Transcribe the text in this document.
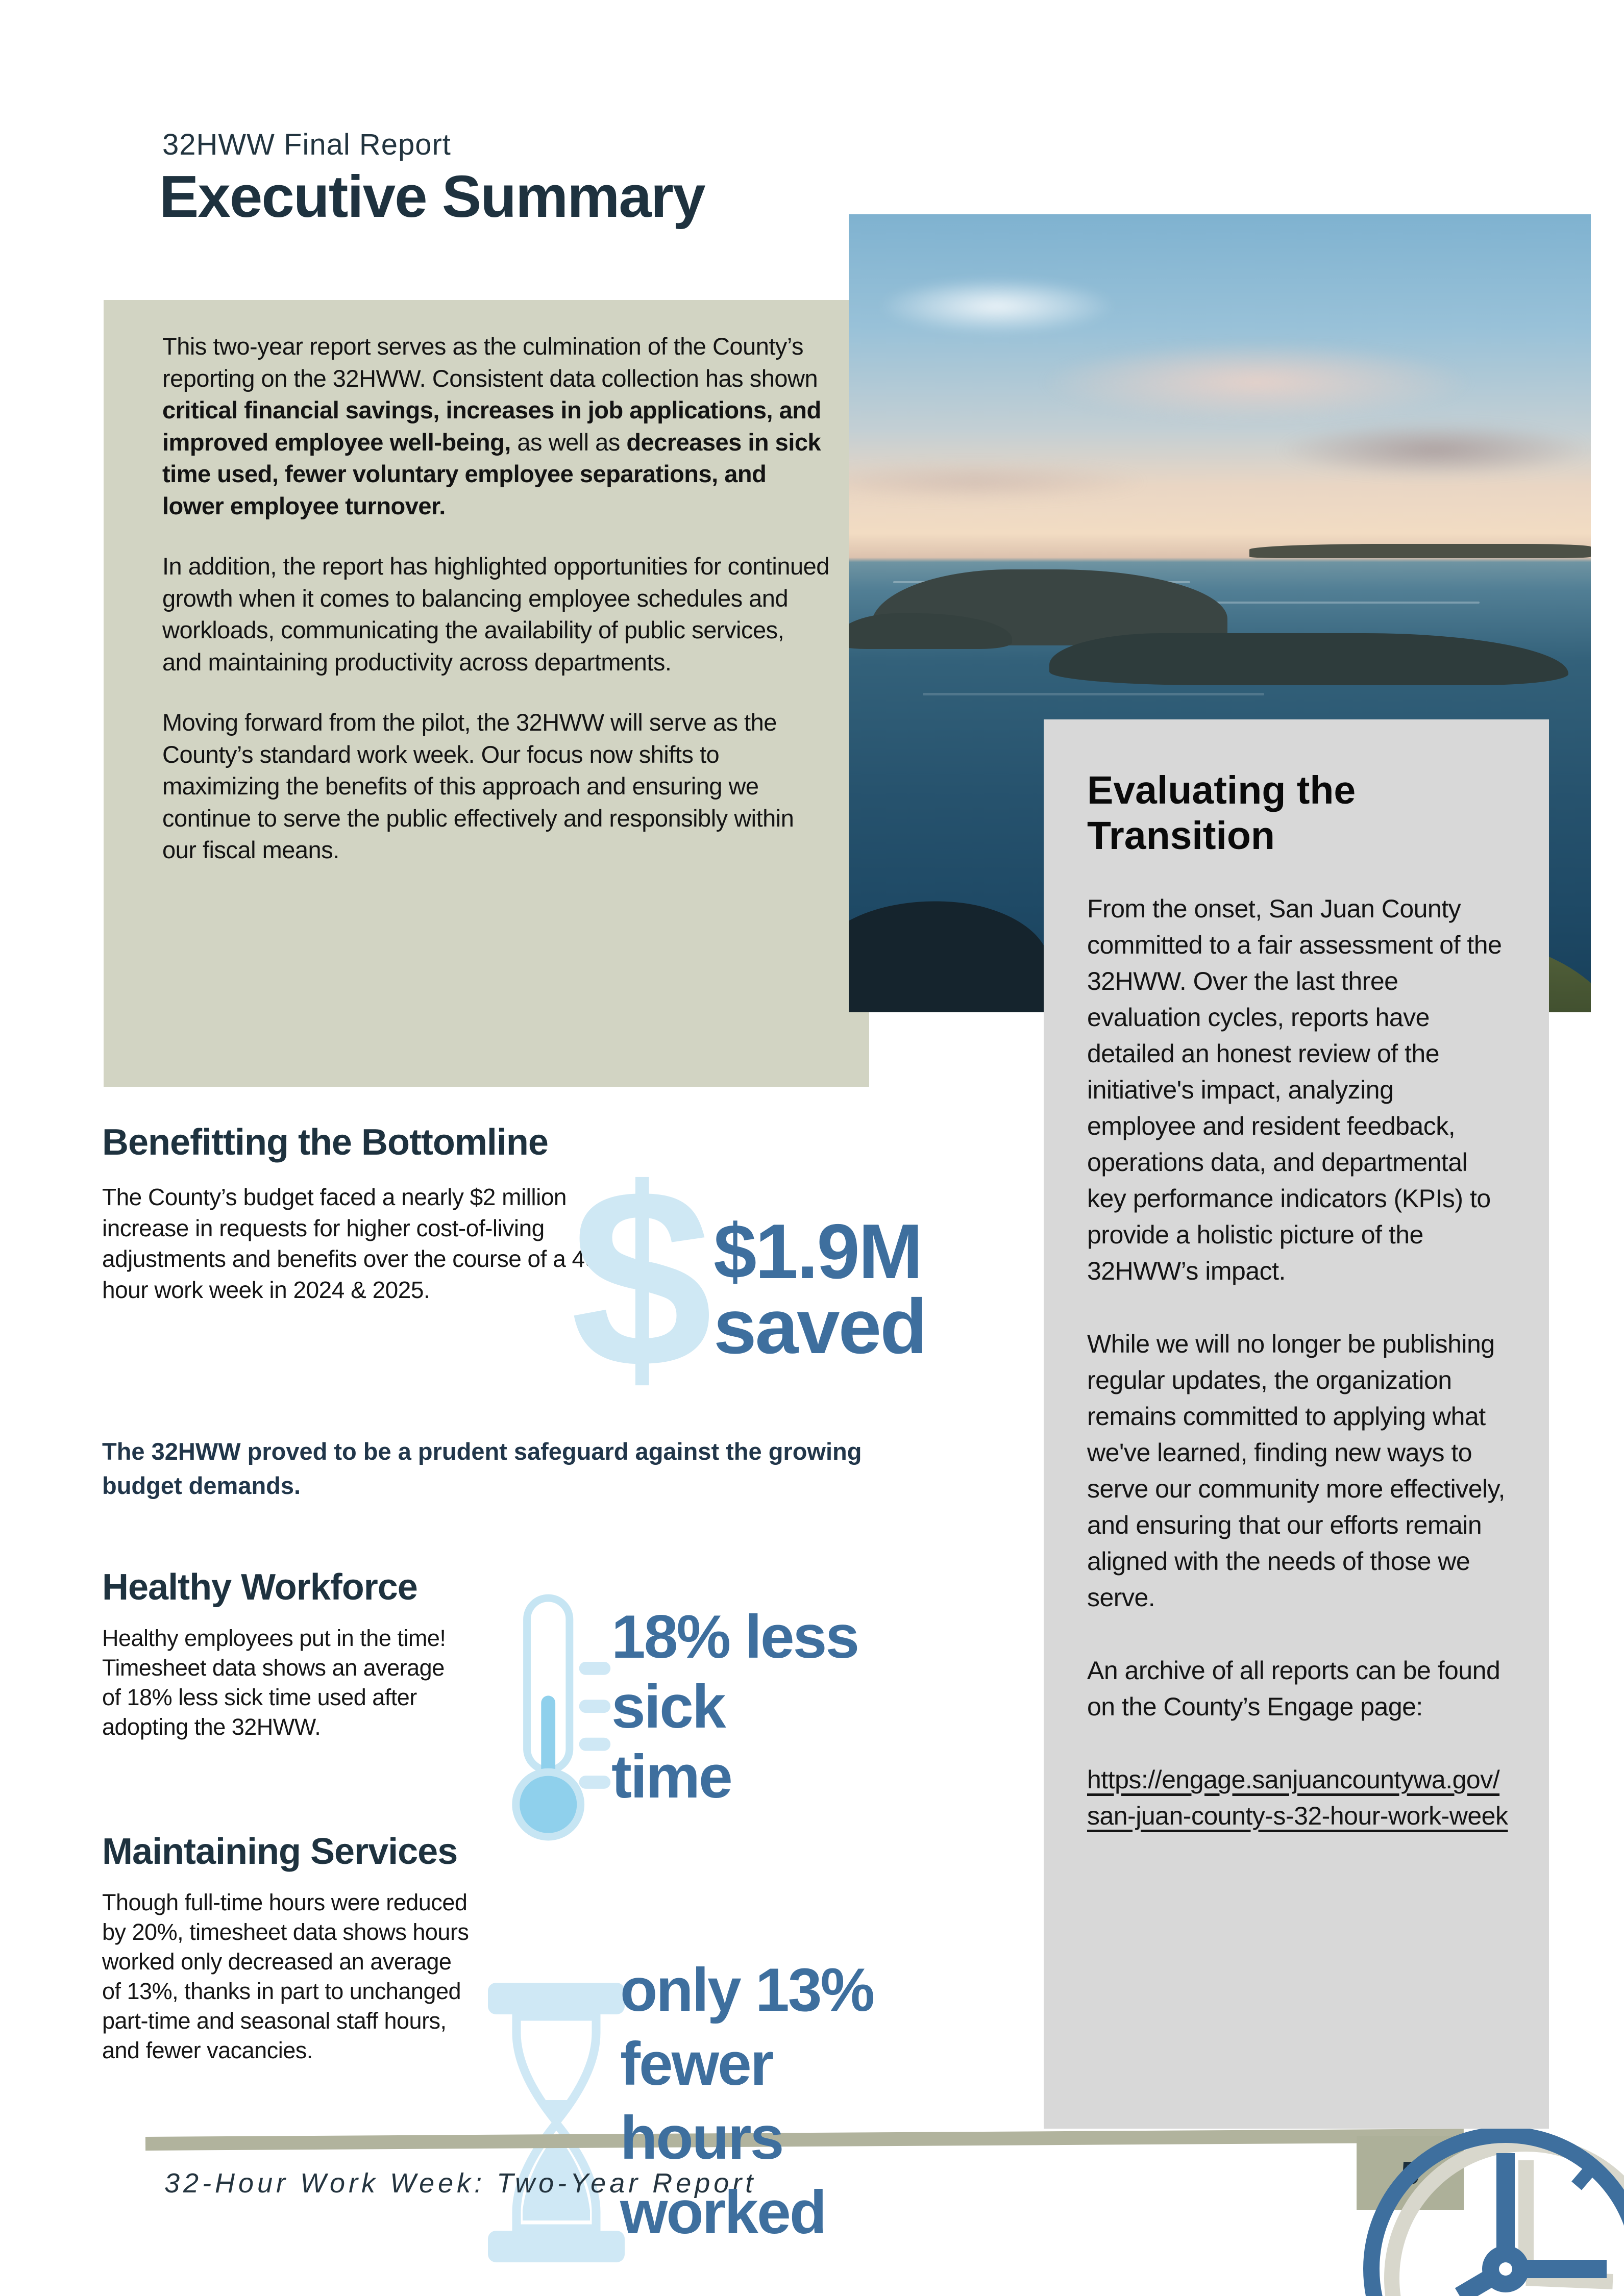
32HWW Final Report
Executive Summary

This two-year report serves as the culmination of the County’s reporting on the 32HWW. Consistent data collection has shown critical financial savings, increases in job applications, and improved employee well-being, as well as decreases in sick time used, fewer voluntary employee separations, and lower employee turnover.

In addition, the report has highlighted opportunities for continued growth when it comes to balancing employee schedules and workloads, communicating the availability of public services, and maintaining productivity across departments.

Moving forward from the pilot, the 32HWW will serve as the County’s standard work week. Our focus now shifts to maximizing the benefits of this approach and ensuring we continue to serve the public effectively and responsibly within our fiscal means.

Evaluating the Transition

From the onset, San Juan County committed to a fair assessment of the 32HWW. Over the last three evaluation cycles, reports have detailed an honest review of the initiative's impact, analyzing employee and resident feedback, operations data, and departmental key performance indicators (KPIs) to provide a holistic picture of the 32HWW’s impact.

While we will no longer be publishing regular updates, the organization remains committed to applying what we've learned, finding new ways to serve our community more effectively, and ensuring that our efforts remain aligned with the needs of those we serve.

An archive of all reports can be found on the County’s Engage page:

https://engage.sanjuancountywa.gov/san-juan-county-s-32-hour-work-week

Benefitting the Bottomline

The County’s budget faced a nearly $2 million increase in requests for higher cost-of-living adjustments and benefits over the course of a 40-hour work week in 2024 & 2025. $ $1.9M
saved

The 32HWW proved to be a prudent safeguard against the growing budget demands.

Healthy Workforce

Healthy employees put in the time! Timesheet data shows an average of 18% less sick time used after adopting the 32HWW.

18% less
sick
time
Maintaining Services

Though full-time hours were reduced by 20%, timesheet data shows hours worked only decreased an average of 13%, thanks in part to unchanged part-time and seasonal staff hours, and fewer vacancies.

only 13%
fewer
hours
worked
32-Hour Work Week: Two-Year Report	5
